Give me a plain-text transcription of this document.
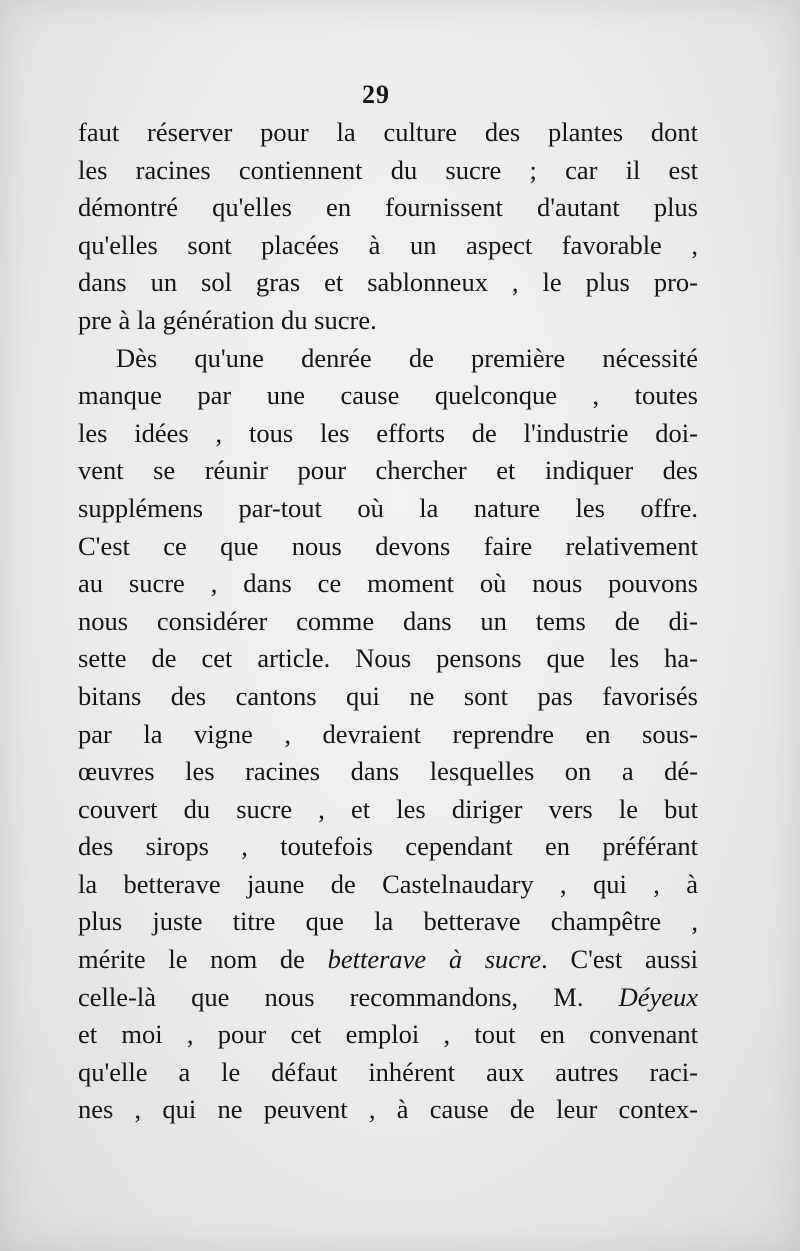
29
faut réserver pour la culture des plantes dont
les racines contiennent du sucre ; car il est
démontré qu'elles en fournissent d'autant plus
qu'elles sont placées à un aspect favorable ,
dans un sol gras et sablonneux , le plus pro-
pre à la génération du sucre.
Dès qu'une denrée de première nécessité
manque par une cause quelconque , toutes
les idées , tous les efforts de l'industrie doi-
vent se réunir pour chercher et indiquer des
supplémens par-tout où la nature les offre.
C'est ce que nous devons faire relativement
au sucre , dans ce moment où nous pouvons
nous considérer comme dans un tems de di-
sette de cet article. Nous pensons que les ha-
bitans des cantons qui ne sont pas favorisés
par la vigne , devraient reprendre en sous-
œuvres les racines dans lesquelles on a dé-
couvert du sucre , et les diriger vers le but
des sirops , toutefois cependant en préférant
la betterave jaune de Castelnaudary , qui , à
plus juste titre que la betterave champêtre ,
mérite le nom de betterave à sucre. C'est aussi
celle-là que nous recommandons, M. Déyeux
et moi , pour cet emploi , tout en convenant
qu'elle a le défaut inhérent aux autres raci-
nes , qui ne peuvent , à cause de leur contex-
